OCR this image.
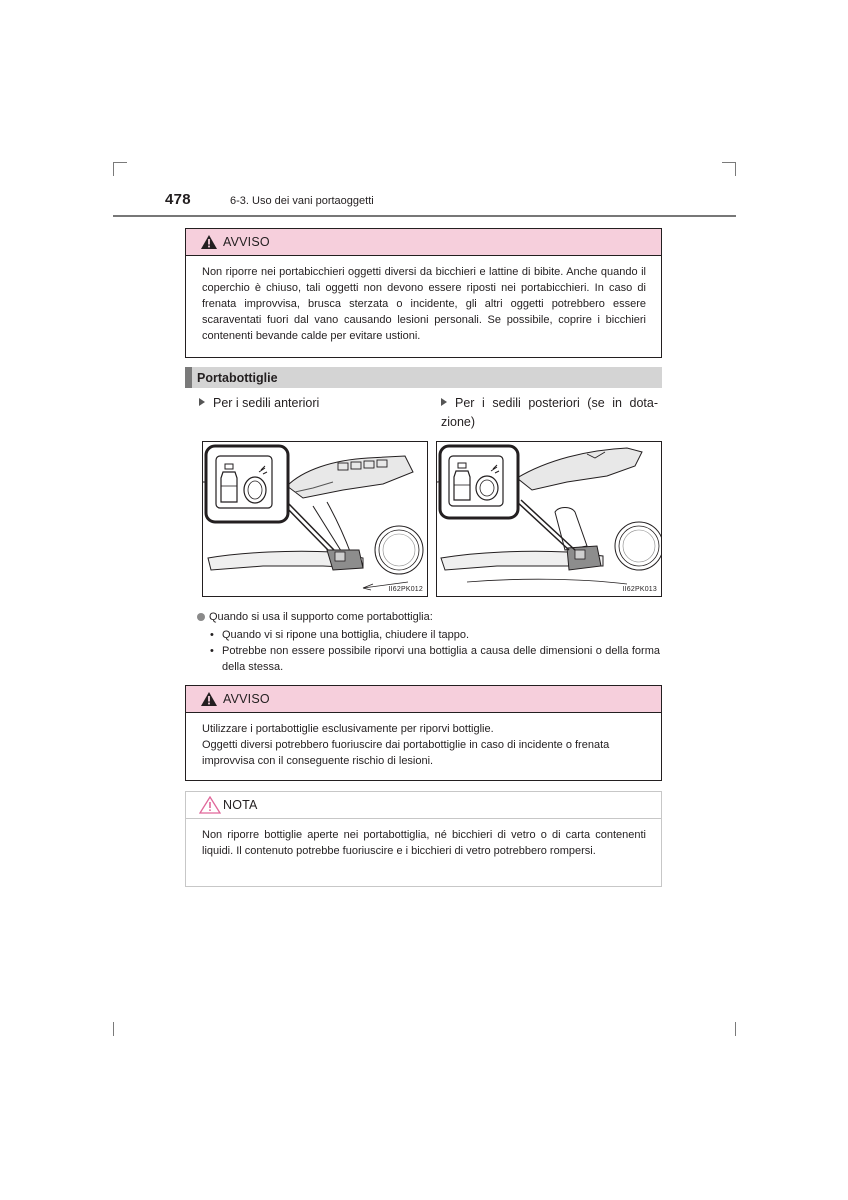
478	6-3. Uso dei vani portaoggetti
AVVISO

Non riporre nei portabicchieri oggetti diversi da bicchieri e lattine di bibite. Anche quando il coperchio è chiuso, tali oggetti non devono essere riposti nei portabicchieri. In caso di frenata improvvisa, brusca sterzata o incidente, gli altri oggetti potrebbero essere scaraventati fuori dal vano causando lesioni personali. Se possibile, coprire i bicchieri contenenti bevande calde per evitare ustioni.

Portabottiglie
Per i sedili anteriori	Per i sedili posteriori (se in dotazione)
II62PK012	II62PK013
Quando si usa il supporto come portabottiglia:
• Quando vi si ripone una bottiglia, chiudere il tappo.
• Potrebbe non essere possibile riporvi una bottiglia a causa delle dimensioni o della forma della stessa.
AVVISO

Utilizzare i portabottiglie esclusivamente per riporvi bottiglie.

Oggetti diversi potrebbero fuoriuscire dai portabottiglie in caso di incidente o frenata improvvisa con il conseguente rischio di lesioni.

NOTA

Non riporre bottiglie aperte nei portabottiglia, né bicchieri di vetro o di carta contenenti liquidi. Il contenuto potrebbe fuoriuscire e i bicchieri di vetro potrebbero rompersi.
